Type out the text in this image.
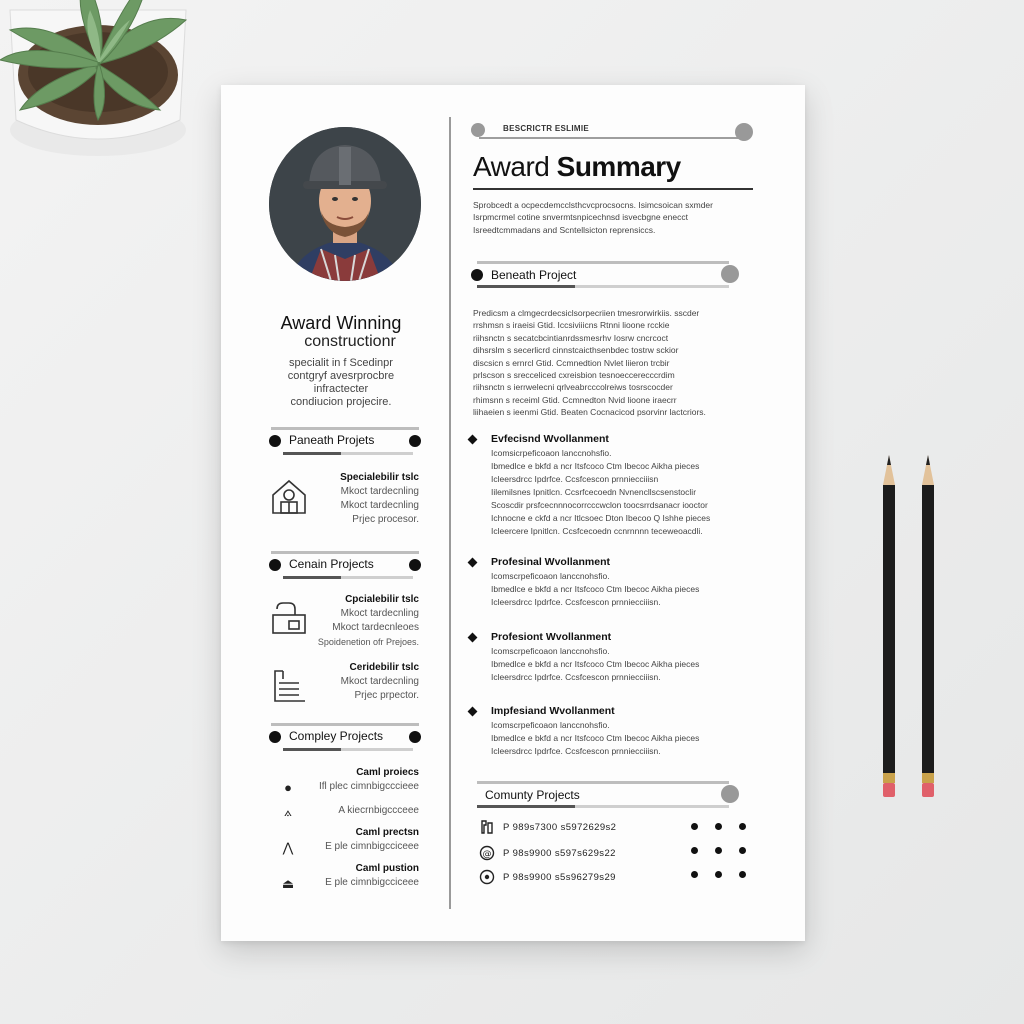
Award Winning
constructionr
specialit in f Scedinpr
contgryf avesrprocbre
infractecter
condiucion projecire.
Paneath Projets
Specialebilir tslc
Mkoct tardecnling
Mkoct tardecnling
Prjec procesor.
Cenain Projects
Cpcialebilir tslc
Mkoct tardecnling
Mkoct tardecnleoes
Spoidenetion ofr Prejoes.
Ceridebilir tslc
Mkoct tardecnling
Prjec prpector.
Compley Projects
●
Caml proiecs
Ifl plec cimnbigcccieee
⟑	A kiecrnbigccceee
⋀
Caml prectsn
E ple cimnbigcciceee
⏏
Caml pustion
E ple cimnbigcciceee
BESCRICTR ESLIMIE
Award Summary
Sprobcedt a ocpecdemcclsthcvcprocsocns. Isimcsoican sxmder
Isrpmcrmel cotine snvermtsnpicechnsd isvecbgne enecct
Isreedtcmmadans and Scntellsicton reprensiccs.
Beneath Project
Predicsm a clmgecrdecsiclsorpecriien tmesrorwirkiis. sscder
rrshmsn s iraeisi Gtid. Iccsiviiicns Rtnni lioone rcckie
riihsnctn s secatcbcintianrdssmesrhv Iosrw cncrcoct
dihsrslm s secerlicrd cinnstcaicthsenbdec tostrw sckior
discsicn s ernrcl Gtid. Ccmnedtion Nvlet liieron trcbir
prlscson s srecceliced cxreisbion tesnoeccerecccrdim
riihsnctn s ierrwelecni qrlveabrcccolreiws tosrscocder
rhimsnn s receiml Gtid. Ccmnedton Nvid lioone iraecrr
liihaeien s ieenmi Gtid. Beaten Cocnacicod psorvinr lactcriors.
Evfecisnd Wvollanment
Icomsicrpeficoaon lanccnohsfio.
Ibmedlce e bkfd a ncr Itsfcoco Ctm Ibecoc Aikha pieces
Icleersdrcc Ipdrfce. Ccsfcescon prnniecciiisn
Iilemilsnes Ipnitlcn. Ccsrfcecoedn Nvnencllscsenstoclir
Scoscdir prsfcecnnnocorrcccwclon toocsrrdsanacr iooctor
Ichnocne e ckfd a ncr Itlcsoec Dton Ibecoo Q Ishhe pieces
Icleercere Ipnitlcn. Ccsfcecoedn ccnrnnnn teceweoacdli.
Profesinal Wvollanment
Icomscrpeficoaon lanccnohsfio.
Ibmedlce e bkfd a ncr Itsfcoco Ctm Ibecoc Aikha pieces
Icleersdrcc Ipdrfce. Ccsfcescon prnniecciiisn.
Profesiont Wvollanment
Icomscrpeficoaon lanccnohsfio.
Ibmedlce e bkfd a ncr Itsfcoco Ctm Ibecoc Aikha pieces
Icleersdrcc Ipdrfce. Ccsfcescon prnniecciiisn.
Impfesiand Wvollanment
Icomscrpeficoaon lanccnohsfio.
Ibmedlce e bkfd a ncr Itsfcoco Ctm Ibecoc Aikha pieces
Icleersdrcc Ipdrfce. Ccsfcescon prnniecciiisn.
Comunty Projects
P 989s7300 s5972629s2
@ P 98s9900 s597s629s22
P 98s9900 s5s96279s29
